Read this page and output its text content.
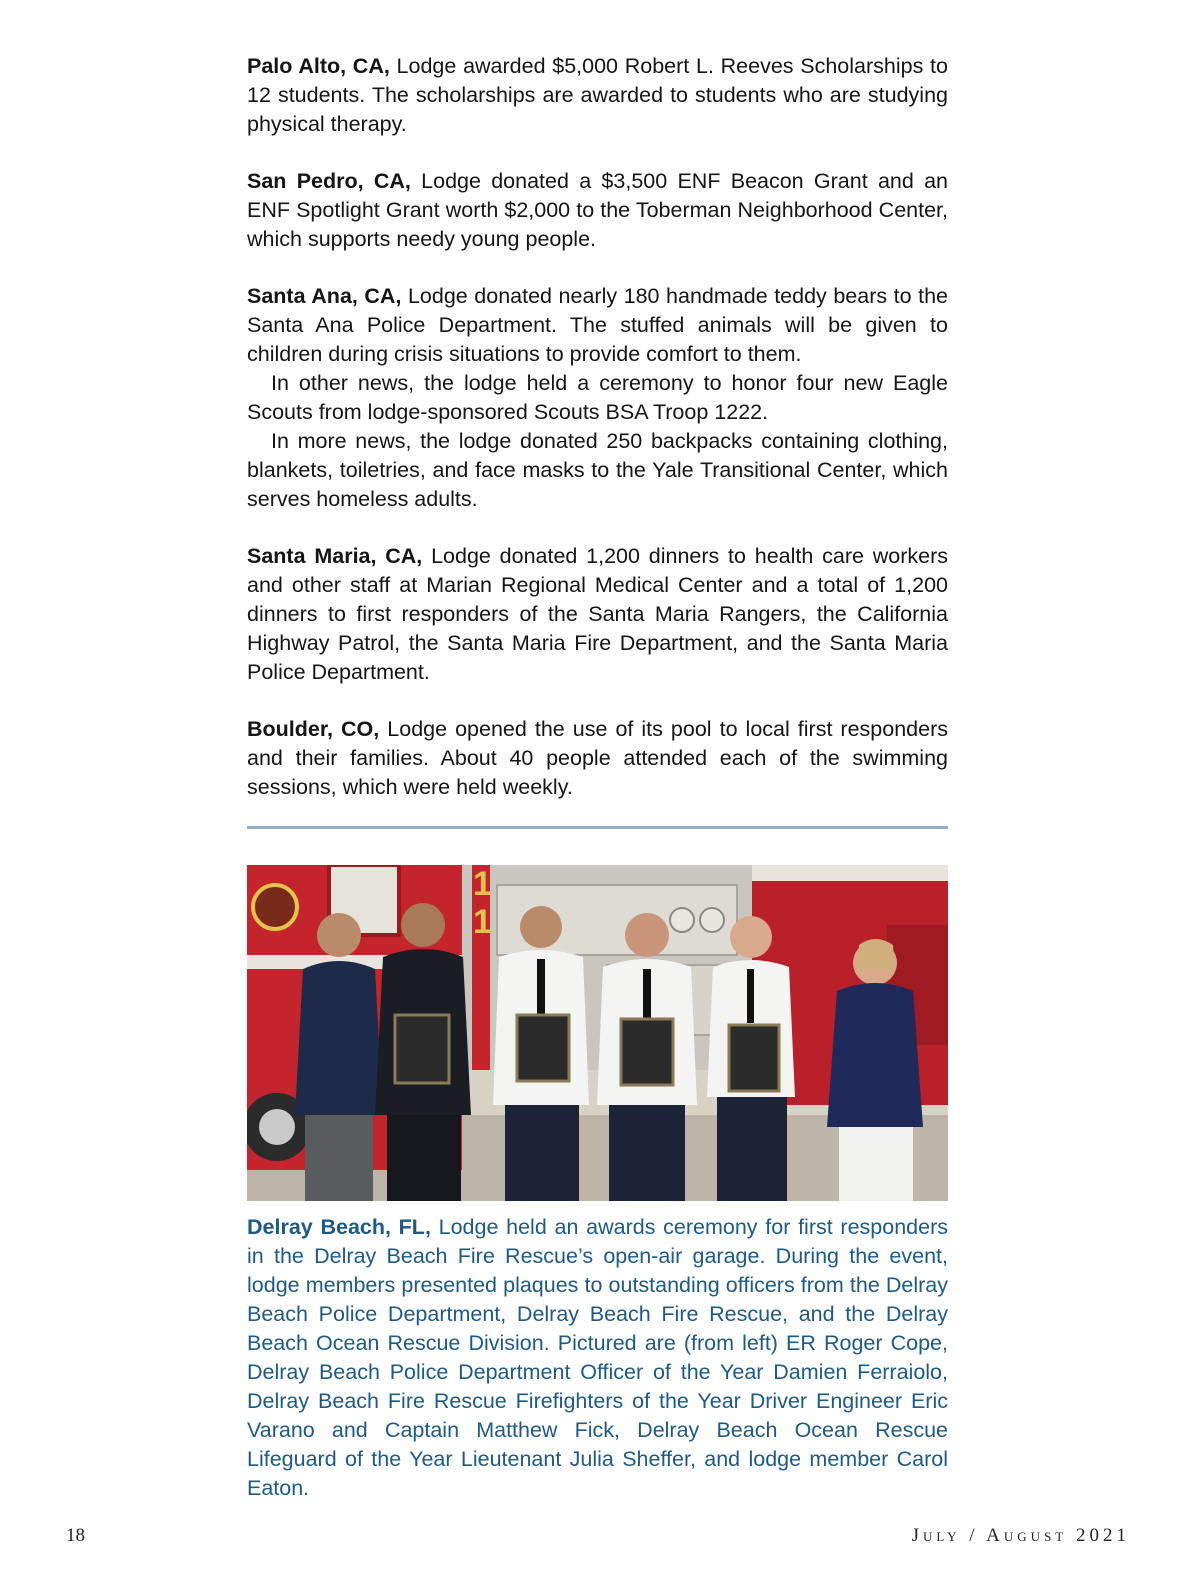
Palo Alto, CA, Lodge awarded $5,000 Robert L. Reeves Scholarships to 12 students. The scholarships are awarded to students who are studying physical therapy.

San Pedro, CA, Lodge donated a $3,500 ENF Beacon Grant and an ENF Spotlight Grant worth $2,000 to the Toberman Neighborhood Center, which supports needy young people.

Santa Ana, CA, Lodge donated nearly 180 handmade teddy bears to the Santa Ana Police Department. The stuffed animals will be given to children during crisis situations to provide comfort to them.

In other news, the lodge held a ceremony to honor four new Eagle Scouts from lodge-sponsored Scouts BSA Troop 1222.

In more news, the lodge donated 250 backpacks containing clothing, blankets, toiletries, and face masks to the Yale Transitional Center, which serves homeless adults.

Santa Maria, CA, Lodge donated 1,200 dinners to health care workers and other staff at Marian Regional Medical Center and a total of 1,200 dinners to first responders of the Santa Maria Rangers, the California Highway Patrol, the Santa Maria Fire Department, and the Santa Maria Police Department.

Boulder, CO, Lodge opened the use of its pool to local first responders and their families. About 40 people attended each of the swimming sessions, which were held weekly.

1
1
Delray Beach, FL, Lodge held an awards ceremony for first responders in the Delray Beach Fire Rescue’s open-air garage. During the event, lodge members presented plaques to outstanding officers from the Delray Beach Police Department, Delray Beach Fire Rescue, and the Delray Beach Ocean Rescue Division. Pictured are (from left) ER Roger Cope, Delray Beach Police Department Officer of the Year Damien Ferraiolo, Delray Beach Fire Rescue Firefighters of the Year Driver Engineer Eric Varano and Captain Matthew Fick, Delray Beach Ocean Rescue Lifeguard of the Year Lieutenant Julia Sheffer, and lodge member Carol Eaton.
18	July / August 2021
